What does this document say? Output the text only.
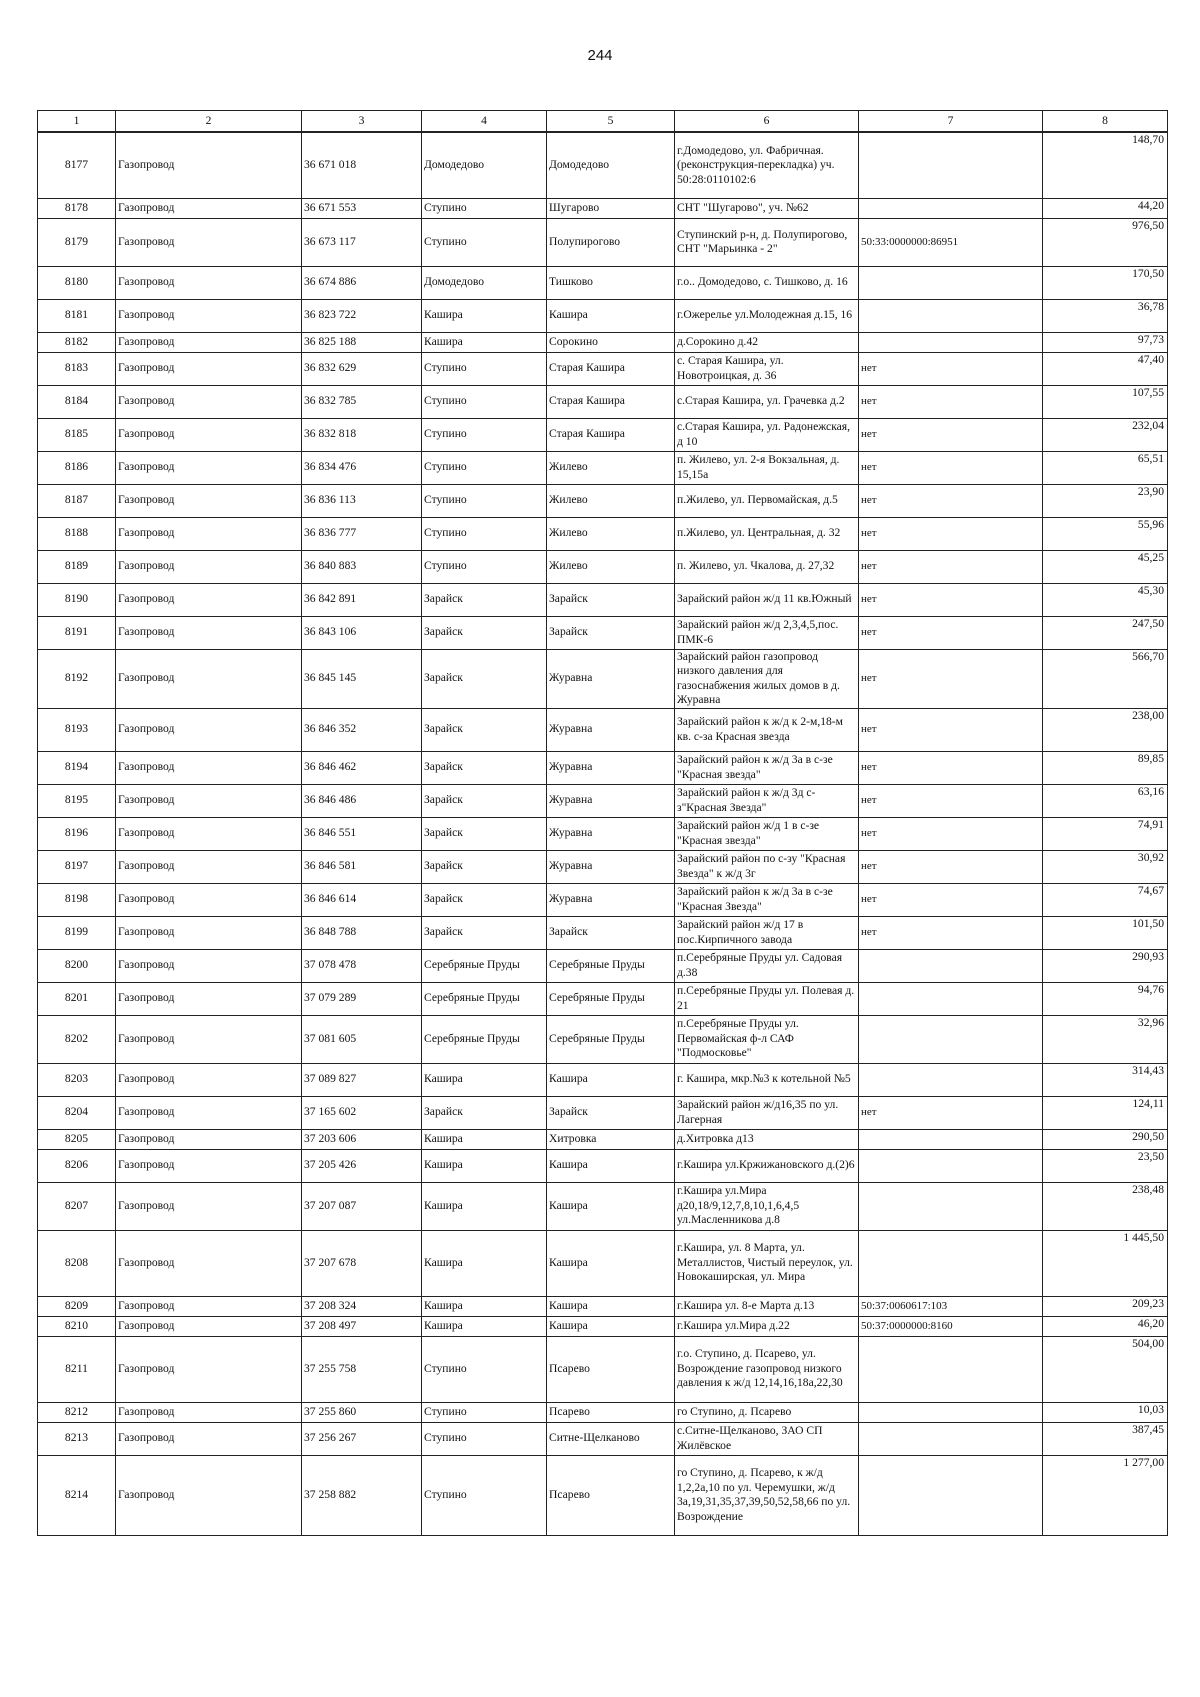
244
1	2	3	4	5	6	7	8
8177	Газопровод	36 671 018	Домодедово	Домодедово	г.Домодедово, ул. Фабричная.(реконструкция-перекладка) уч. 50:28:0110102:6		148,70
8178	Газопровод	36 671 553	Ступино	Шугарово	СНТ "Шугарово", уч. №62		44,20
8179	Газопровод	36 673 117	Ступино	Полупирогово	Ступинский р-н, д. Полупирогово, СНТ "Марьинка - 2"	50:33:0000000:86951	976,50
8180	Газопровод	36 674 886	Домодедово	Тишково	г.о.. Домодедово, с. Тишково, д. 16		170,50
8181	Газопровод	36 823 722	Кашира	Кашира	г.Ожерелье ул.Молодежная д.15, 16		36,78
8182	Газопровод	36 825 188	Кашира	Сорокино	д.Сорокино д.42		97,73
8183	Газопровод	36 832 629	Ступино	Старая Кашира	с. Старая Кашира, ул. Новотроицкая, д. 36	нет	47,40
8184	Газопровод	36 832 785	Ступино	Старая Кашира	с.Старая Кашира, ул. Грачевка д.2	нет	107,55
8185	Газопровод	36 832 818	Ступино	Старая Кашира	с.Старая Кашира, ул. Радонежская, д 10	нет	232,04
8186	Газопровод	36 834 476	Ступино	Жилево	п. Жилево, ул. 2-я Вокзальная, д. 15,15а	нет	65,51
8187	Газопровод	36 836 113	Ступино	Жилево	п.Жилево, ул. Первомайская, д.5	нет	23,90
8188	Газопровод	36 836 777	Ступино	Жилево	п.Жилево, ул. Центральная, д. 32	нет	55,96
8189	Газопровод	36 840 883	Ступино	Жилево	п. Жилево, ул. Чкалова, д. 27,32	нет	45,25
8190	Газопровод	36 842 891	Зарайск	Зарайск	Зарайский район ж/д 11 кв.Южный	нет	45,30
8191	Газопровод	36 843 106	Зарайск	Зарайск	Зарайский район ж/д 2,3,4,5,пос. ПМК-6	нет	247,50
8192	Газопровод	36 845 145	Зарайск	Журавна	Зарайский район газопровод низкого давления для газоснабжения жилых домов в д. Журавна	нет	566,70
8193	Газопровод	36 846 352	Зарайск	Журавна	Зарайский район к ж/д к 2-м,18-м кв. с-за Красная звезда	нет	238,00
8194	Газопровод	36 846 462	Зарайск	Журавна	Зарайский район к ж/д 3а в с-зе "Красная звезда"	нет	89,85
8195	Газопровод	36 846 486	Зарайск	Журавна	Зарайский район к ж/д 3д с-з"Красная Звезда"	нет	63,16
8196	Газопровод	36 846 551	Зарайск	Журавна	Зарайский район ж/д 1 в с-зе "Красная звезда"	нет	74,91
8197	Газопровод	36 846 581	Зарайск	Журавна	Зарайский район по с-зу "Красная Звезда" к ж/д 3г	нет	30,92
8198	Газопровод	36 846 614	Зарайск	Журавна	Зарайский район к ж/д 3а в с-зе "Красная Звезда"	нет	74,67
8199	Газопровод	36 848 788	Зарайск	Зарайск	Зарайский район ж/д 17 в пос.Кирпичного завода	нет	101,50
8200	Газопровод	37 078 478	Серебряные Пруды	Серебряные Пруды	п.Серебряные Пруды ул. Садовая д.38		290,93
8201	Газопровод	37 079 289	Серебряные Пруды	Серебряные Пруды	п.Серебряные Пруды ул. Полевая д. 21		94,76
8202	Газопровод	37 081 605	Серебряные Пруды	Серебряные Пруды	п.Серебряные Пруды ул. Первомайская ф-л САФ "Подмосковье"		32,96
8203	Газопровод	37 089 827	Кашира	Кашира	г. Кашира, мкр.№3 к котельной №5		314,43
8204	Газопровод	37 165 602	Зарайск	Зарайск	Зарайский район ж/д16,35 по ул. Лагерная	нет	124,11
8205	Газопровод	37 203 606	Кашира	Хитровка	д.Хитровка д13		290,50
8206	Газопровод	37 205 426	Кашира	Кашира	г.Кашира ул.Кржижановского д.(2)6		23,50
8207	Газопровод	37 207 087	Кашира	Кашира	г.Кашира ул.Мира д20,18/9,12,7,8,10,1,6,4,5 ул.Масленникова д.8		238,48
8208	Газопровод	37 207 678	Кашира	Кашира	г.Кашира, ул. 8 Марта, ул. Металлистов, Чистый переулок, ул. Новокаширская, ул. Мира		1 445,50
8209	Газопровод	37 208 324	Кашира	Кашира	г.Кашира ул. 8-е Марта д.13	50:37:0060617:103	209,23
8210	Газопровод	37 208 497	Кашира	Кашира	г.Кашира ул.Мира д.22	50:37:0000000:8160	46,20
8211	Газопровод	37 255 758	Ступино	Псарево	г.о. Ступино, д. Псарево, ул. Возрождение газопровод низкого давления к ж/д 12,14,16,18а,22,30		504,00
8212	Газопровод	37 255 860	Ступино	Псарево	го Ступино, д. Псарево		10,03
8213	Газопровод	37 256 267	Ступино	Ситне-Щелканово	с.Ситне-Щелканово, ЗАО СП Жилёвское		387,45
8214	Газопровод	37 258 882	Ступино	Псарево	го Ступино, д. Псарево, к ж/д 1,2,2а,10 по ул. Черемушки, ж/д 3а,19,31,35,37,39,50,52,58,66 по ул. Возрождение		1 277,00
